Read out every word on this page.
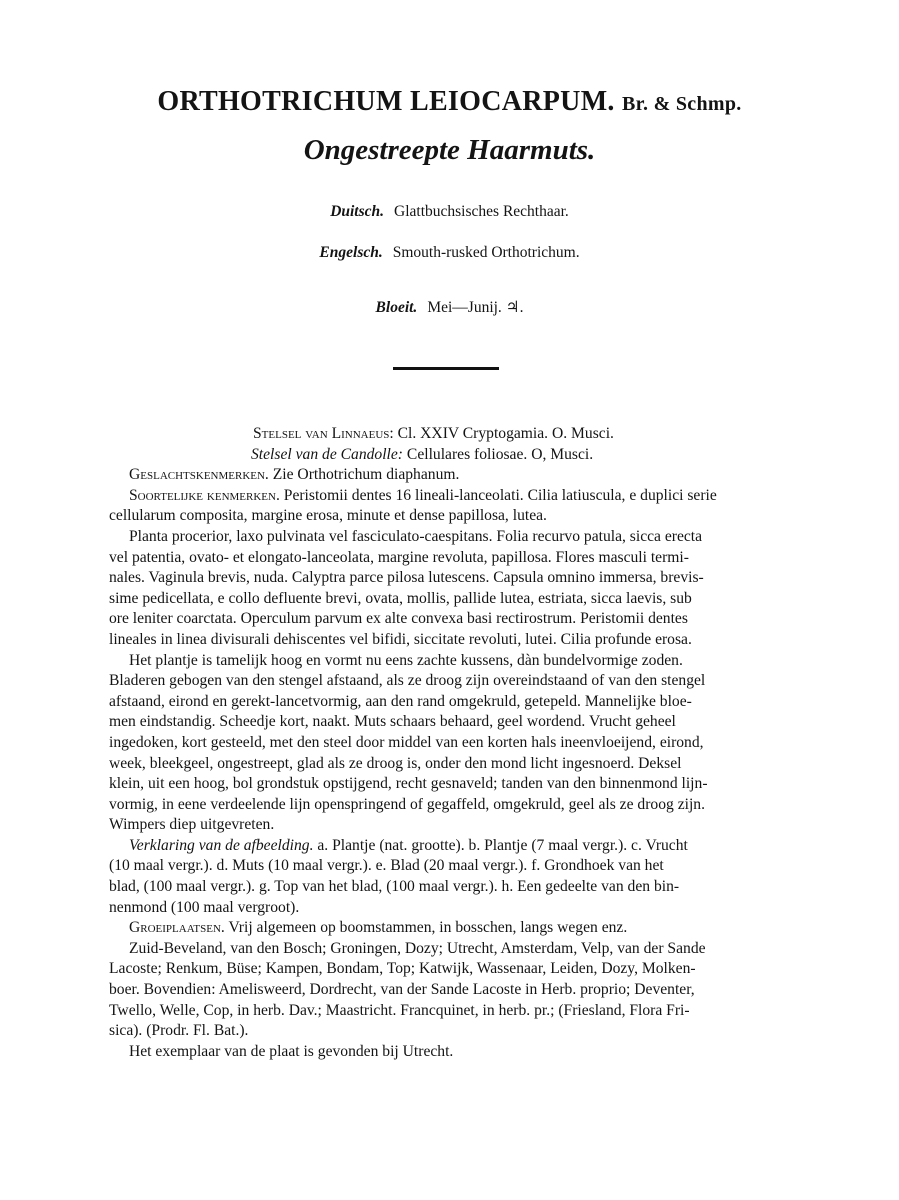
ORTHOTRICHUM LEIOCARPUM. Br. & Schmp.
Ongestreepte Haarmuts.
Duitsch. Glattbuchsisches Rechthaar.
Engelsch. Smouth-rusked Orthotrichum.
Bloeit. Mei—Junij. ♃.
Stelsel van Linnaeus: Cl. XXIV Cryptogamia. O. Musci.
Stelsel van de Candolle: Cellulares foliosae. O, Musci.
Geslachtskenmerken. Zie Orthotrichum diaphanum.
Soortelijke kenmerken. Peristomii dentes 16 lineali-lanceolati. Cilia latiuscula, e duplici serie
cellularum composita, margine erosa, minute et dense papillosa, lutea.
Planta procerior, laxo pulvinata vel fasciculato-caespitans. Folia recurvo patula, sicca erecta
vel patentia, ovato- et elongato-lanceolata, margine revoluta, papillosa. Flores masculi termi-
nales. Vaginula brevis, nuda. Calyptra parce pilosa lutescens. Capsula omnino immersa, brevis-
sime pedicellata, e collo defluente brevi, ovata, mollis, pallide lutea, estriata, sicca laevis, sub
ore leniter coarctata. Operculum parvum ex alte convexa basi rectirostrum. Peristomii dentes
lineales in linea divisurali dehiscentes vel bifidi, siccitate revoluti, lutei. Cilia profunde erosa.
Het plantje is tamelijk hoog en vormt nu eens zachte kussens, dàn bundelvormige zoden.
Bladeren gebogen van den stengel afstaand, als ze droog zijn overeindstaand of van den stengel
afstaand, eirond en gerekt-lancetvormig, aan den rand omgekruld, getepeld. Mannelijke bloe-
men eindstandig. Scheedje kort, naakt. Muts schaars behaard, geel wordend. Vrucht geheel
ingedoken, kort gesteeld, met den steel door middel van een korten hals ineenvloeijend, eirond,
week, bleekgeel, ongestreept, glad als ze droog is, onder den mond licht ingesnoerd. Deksel
klein, uit een hoog, bol grondstuk opstijgend, recht gesnaveld; tanden van den binnenmond lijn-
vormig, in eene verdeelende lijn openspringend of gegaffeld, omgekruld, geel als ze droog zijn.
Wimpers diep uitgevreten.
Verklaring van de afbeelding. a. Plantje (nat. grootte). b. Plantje (7 maal vergr.). c. Vrucht
(10 maal vergr.). d. Muts (10 maal vergr.). e. Blad (20 maal vergr.). f. Grondhoek van het
blad, (100 maal vergr.). g. Top van het blad, (100 maal vergr.). h. Een gedeelte van den bin-
nenmond (100 maal vergroot).
Groeiplaatsen. Vrij algemeen op boomstammen, in bosschen, langs wegen enz.
Zuid-Beveland, van den Bosch; Groningen, Dozy; Utrecht, Amsterdam, Velp, van der Sande
Lacoste; Renkum, Büse; Kampen, Bondam, Top; Katwijk, Wassenaar, Leiden, Dozy, Molken-
boer. Bovendien: Amelisweerd, Dordrecht, van der Sande Lacoste in Herb. proprio; Deventer,
Twello, Welle, Cop, in herb. Dav.; Maastricht. Francquinet, in herb. pr.; (Friesland, Flora Fri-
sica). (Prodr. Fl. Bat.).
Het exemplaar van de plaat is gevonden bij Utrecht.
